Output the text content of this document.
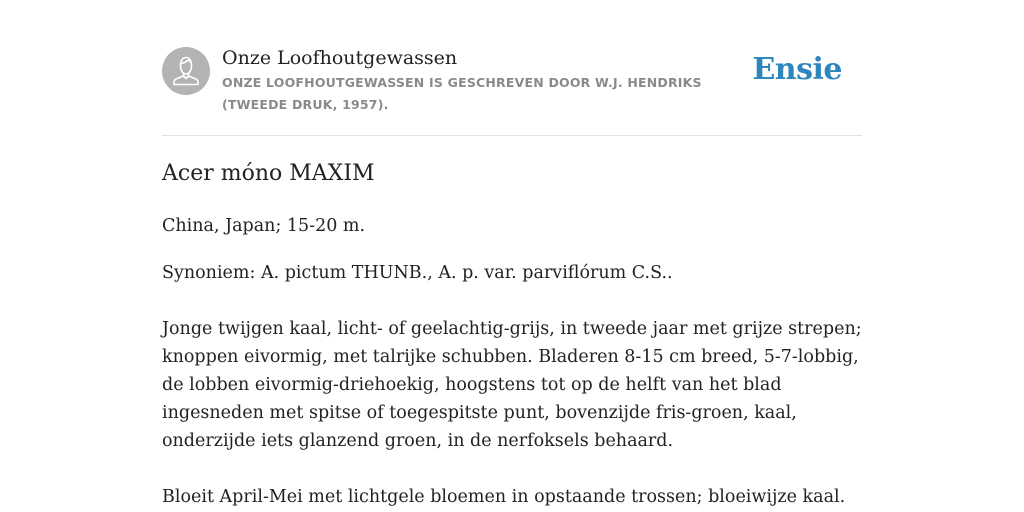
Onze Loofhoutgewassen
ONZE LOOFHOUTGEWASSEN IS GESCHREVEN DOOR W.J. HENDRIKS (TWEEDE DRUK, 1957).
Ensie
Acer móno MAXIM

China, Japan; 15-20 m.

Synoniem: A. pictum THUNB., A. p. var. parviflórum C.S..

Jonge twijgen kaal, licht- of geelachtig-grijs, in tweede jaar met grijze strepen; knoppen eivormig, met talrijke schubben. Bladeren 8-15 cm breed, 5-7-lobbig, de lobben eivormig-driehoekig, hoogstens tot op de helft van het blad ingesneden met spitse of toegespitste punt, bovenzijde fris-groen, kaal, onderzijde iets glanzend groen, in de nerfoksels behaard.

Bloeit April-Mei met lichtgele bloemen in opstaande trossen; bloeiwijze kaal.
